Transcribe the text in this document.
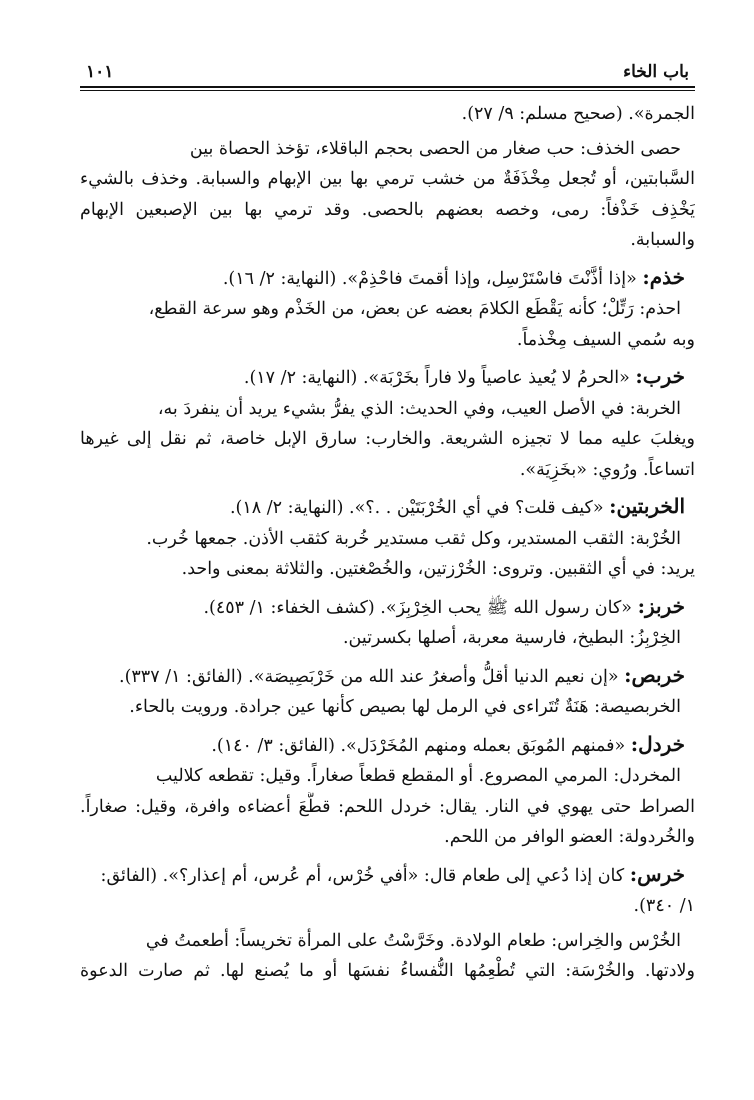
باب الخاء
١٠١
الجمرة». (صحيح مسلم: ٩/ ٢٧).
حصى الخذف: حب صغار من الحصى بحجم الباقلاء، تؤخذ الحصاة بين
السَّبابتين، أو تُجعل مِخْذَفَةٌ من خشب ترمي بها بين الإبهام والسبابة. وخذف بالشيء
يَخْذِف خَذْفاً: رمى، وخصه بعضهم بالحصى. وقد ترمي بها بين الإصبعين الإبهام
والسبابة.
خذم: «إذا أذَّنْتَ فاسْتَرْسِل، وإذا أقمتَ فاحْذِمْ». (النهاية: ٢/ ١٦).
احذم: رَتِّلْ؛ كأنه يَقْطَع الكلامَ بعضه عن بعض، من الخَذْم وهو سرعة القطع،
وبه سُمي السيف مِخْذماً.
خرب: «الحرمُ لا يُعيذ عاصياً ولا فاراً بخَرْبَة». (النهاية: ٢/ ١٧).
الخربة: في الأصل العيب، وفي الحديث: الذي يفرُّ بشيء يريد أن ينفردَ به،
ويغلبَ عليه مما لا تجيزه الشريعة. والخارب: سارق الإبل خاصة، ثم نقل إلى غيرها
اتساعاً. ورُوي: «بخَزِيَة».
الخربتين: «كيف قلت؟ في أي الخُرْبَتَيْن . .؟». (النهاية: ٢/ ١٨).
الخُرْبة: الثقب المستدير، وكل ثقب مستدير خُربة كثقب الأذن. جمعها خُرب.
يريد: في أي الثقبين. وتروى: الخُرْزتين، والخُصْغتين. والثلاثة بمعنى واحد.
خربز: «كان رسول الله ﷺ يحب الخِرْبِزَ». (كشف الخفاء: ١/ ٤٥٣).
الخِرْبِزُ: البطيخ، فارسية معربة، أصلها بكسرتين.
خربص: «إن نعيم الدنيا أقلُّ وأصغرُ عند الله من خَرْبَصِيصَة». (الفائق: ١/ ٣٣٧).
الخربصيصة: هَنَةٌ تُتَراءى في الرمل لها بصيص كأنها عين جرادة. ورويت بالحاء.
خردل: «فمنهم المُوبَق بعمله ومنهم المُخَرْدَل». (الفائق: ٣/ ١٤٠).
المخردل: المرمي المصروع. أو المقطع قطعاً صغاراً. وقيل: تقطعه كلاليب
الصراط حتى يهوي في النار. يقال: خردل اللحم: قطَّعَ أعضاءه وافرة، وقيل: صغاراً.
والخُردولة: العضو الوافر من اللحم.
خرس: كان إذا دُعي إلى طعام قال: «أفي خُرْس، أم عُرس، أم إعذار؟». (الفائق:
١/ ٣٤٠).
الخُرْس والخِراس: طعام الولادة. وخَرَّسْتُ على المرأة تخريساً: أطعمتُ في
ولادتها. والخُرْسَة: التي تُطْعِمُها النُّفساءُ نفسَها أو ما يُصنع لها. ثم صارت الدعوة
